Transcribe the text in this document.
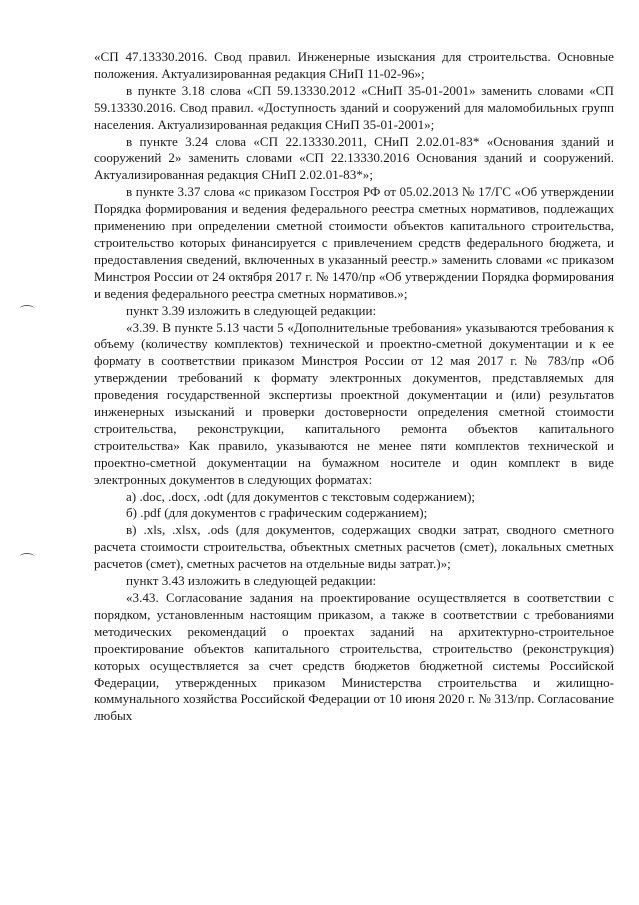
«СП 47.13330.2016. Свод правил. Инженерные изыскания для строительства. Основные положения. Актуализированная редакция СНиП 11-02-96»;

в пункте 3.18 слова «СП 59.13330.2012 «СНиП 35-01-2001» заменить словами «СП 59.13330.2016. Свод правил. «Доступность зданий и сооружений для маломобильных групп населения. Актуализированная редакция СНиП 35-01-2001»;

в пункте 3.24 слова «СП 22.13330.2011, СНиП 2.02.01-83* «Основания зданий и сооружений 2» заменить словами «СП 22.13330.2016 Основания зданий и сооружений. Актуализированная редакция СНиП 2.02.01-83*»;

в пункте 3.37 слова «с приказом Госстроя РФ от 05.02.2013 № 17/ГС «Об утверждении Порядка формирования и ведения федерального реестра сметных нормативов, подлежащих применению при определении сметной стоимости объектов капитального строительства, строительство которых финансируется с привлечением средств федерального бюджета, и предоставления сведений, включенных в указанный реестр.» заменить словами «с приказом Минстроя России от 24 октября 2017 г. № 1470/пр «Об утверждении Порядка формирования и ведения федерального реестра сметных нормативов.»;

пункт 3.39 изложить в следующей редакции:

«3.39. В пункте 5.13 части 5 «Дополнительные требования» указываются требования к объему (количеству комплектов) технической и проектно-сметной документации и к ее формату в соответствии приказом Минстроя России от 12 мая 2017 г. № 783/пр «Об утверждении требований к формату электронных документов, представляемых для проведения государственной экспертизы проектной документации и (или) результатов инженерных изысканий и проверки достоверности определения сметной стоимости строительства, реконструкции, капитального ремонта объектов капитального строительства» Как правило, указываются не менее пяти комплектов технической и проектно-сметной документации на бумажном носителе и один комплект в виде электронных документов в следующих форматах:

а) .doc, .docx, .odt (для документов с текстовым содержанием);

б) .pdf (для документов с графическим содержанием);

в) .xls, .xlsx, .ods (для документов, содержащих сводки затрат, сводного сметного расчета стоимости строительства, объектных сметных расчетов (смет), локальных сметных расчетов (смет), сметных расчетов на отдельные виды затрат.)»;

пункт 3.43 изложить в следующей редакции:

«3.43. Согласование задания на проектирование осуществляется в соответствии с порядком, установленным настоящим приказом, а также в соответствии с требованиями методических рекомендаций о проектах заданий на архитектурно-строительное проектирование объектов капитального строительства, строительство (реконструкция) которых осуществляется за счет средств бюджетов бюджетной системы Российской Федерации, утвержденных приказом Министерства строительства и жилищно-коммунального хозяйства Российской Федерации от 10 июня 2020 г. № 313/пр. Согласование любых
